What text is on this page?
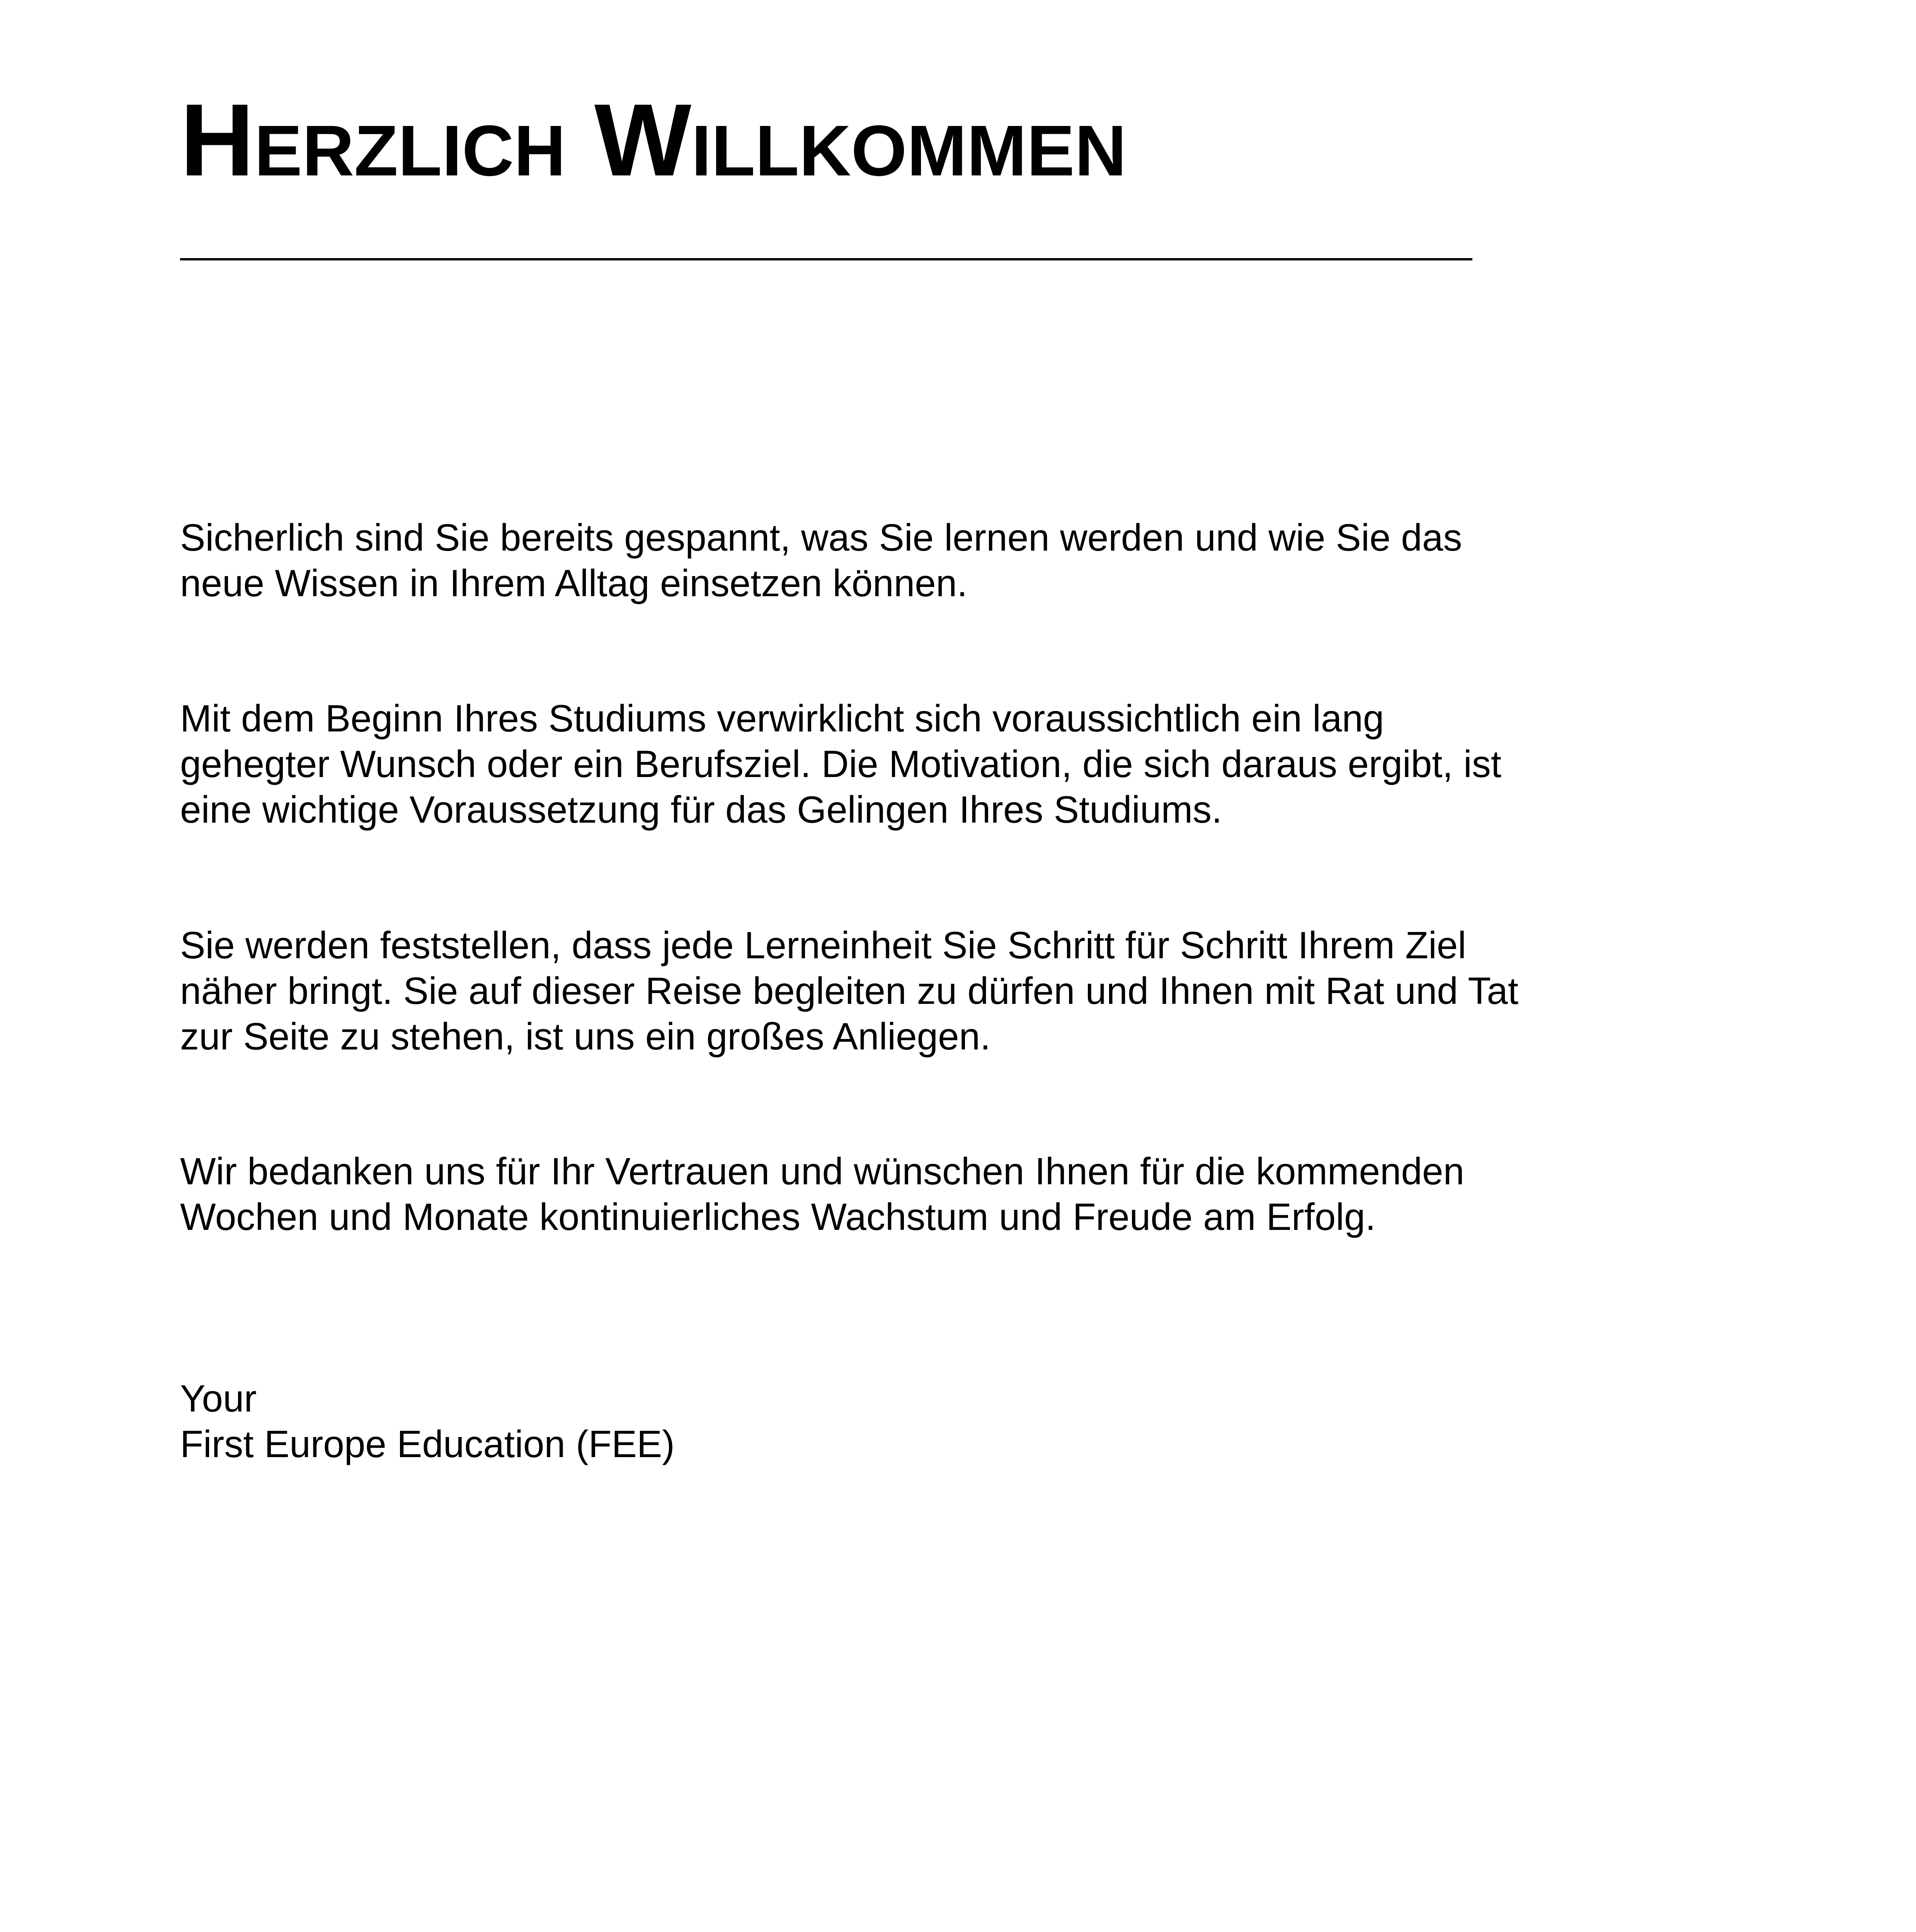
Herzlich Willkommen

Sicherlich sind Sie bereits gespannt, was Sie lernen werden und wie Sie das
neue Wissen in Ihrem Alltag einsetzen können.

Mit dem Beginn Ihres Studiums verwirklicht sich voraussichtlich ein lang
gehegter Wunsch oder ein Berufsziel. Die Motivation, die sich daraus ergibt, ist
eine wichtige Voraussetzung für das Gelingen Ihres Studiums.

Sie werden feststellen, dass jede Lerneinheit Sie Schritt für Schritt Ihrem Ziel
näher bringt. Sie auf dieser Reise begleiten zu dürfen und Ihnen mit Rat und Tat
zur Seite zu stehen, ist uns ein großes Anliegen.

Wir bedanken uns für Ihr Vertrauen und wünschen Ihnen für die kommenden
Wochen und Monate kontinuierliches Wachstum und Freude am Erfolg.

Your
First Europe Education (FEE)
